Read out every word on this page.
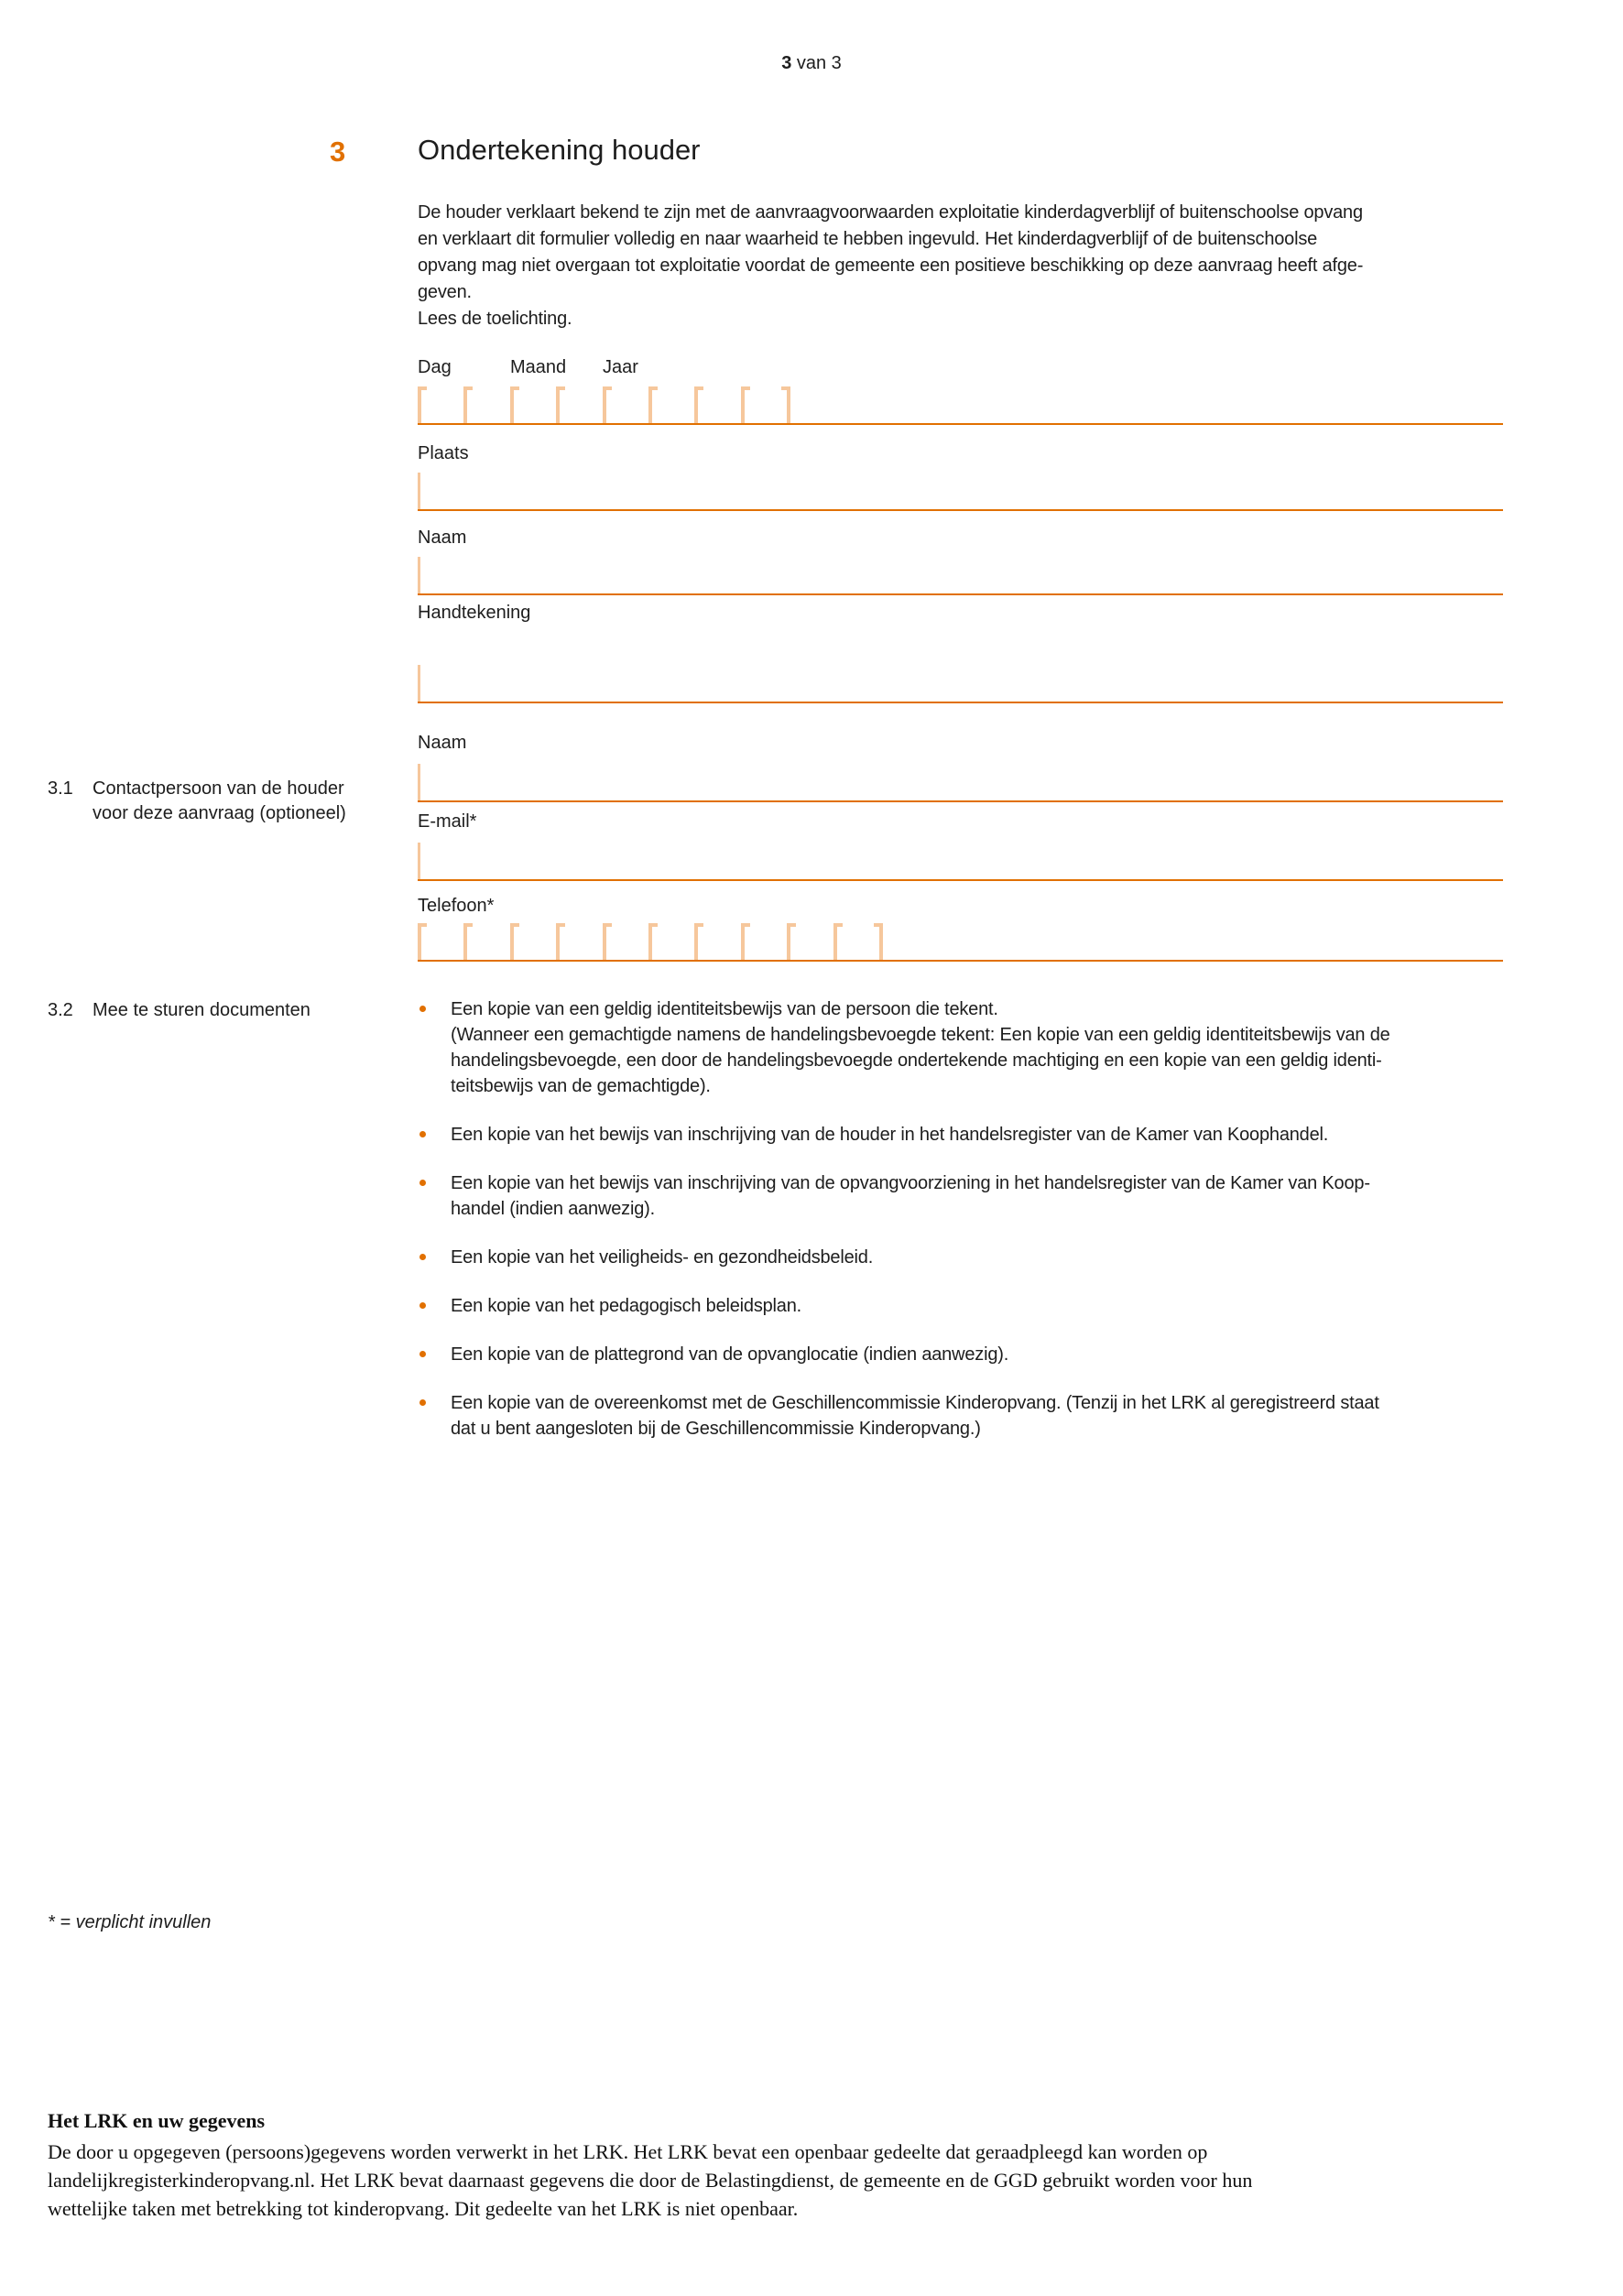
3 van 3
3	Ondertekening houder
De houder verklaart bekend te zijn met de aanvraagvoorwaarden exploitatie kinderdagverblijf of buitenschoolse opvang
en verklaart dit formulier volledig en naar waarheid te hebben ingevuld. Het kinderdagverblijf of de buitenschoolse
opvang mag niet overgaan tot exploitatie voordat de gemeente een positieve beschikking op deze aanvraag heeft afge-
geven.
Lees de toelichting.
Dag	Maand Jaar
Plaats
Naam
Handtekening
Naam
3.1 Contactpersoon van de houder
voor deze aanvraag (optioneel)	E-mail*
Telefoon*
3.2 Mee te sturen documenten	Een kopie van een geldig identiteitsbewijs van de persoon die tekent.
(Wanneer een gemachtigde namens de handelingsbevoegde tekent: Een kopie van een geldig identiteitsbewijs van de
handelingsbevoegde, een door de handelingsbevoegde ondertekende machtiging en een kopie van een geldig identi-
teitsbewijs van de gemachtigde).
Een kopie van het bewijs van inschrijving van de houder in het handelsregister van de Kamer van Koophandel.
Een kopie van het bewijs van inschrijving van de opvangvoorziening in het handelsregister van de Kamer van Koop-
handel (indien aanwezig).
Een kopie van het veiligheids- en gezondheidsbeleid.
Een kopie van het pedagogisch beleidsplan.
Een kopie van de plattegrond van de opvanglocatie (indien aanwezig).
Een kopie van de overeenkomst met de Geschillencommissie Kinderopvang. (Tenzij in het LRK al geregistreerd staat
dat u bent aangesloten bij de Geschillencommissie Kinderopvang.)
* = verplicht invullen
Het LRK en uw gegevens
De door u opgegeven (persoons)gegevens worden verwerkt in het LRK. Het LRK bevat een openbaar gedeelte dat geraadpleegd kan worden op
landelijkregisterkinderopvang.nl. Het LRK bevat daarnaast gegevens die door de Belastingdienst, de gemeente en de GGD gebruikt worden voor hun
wettelijke taken met betrekking tot kinderopvang. Dit gedeelte van het LRK is niet openbaar.
